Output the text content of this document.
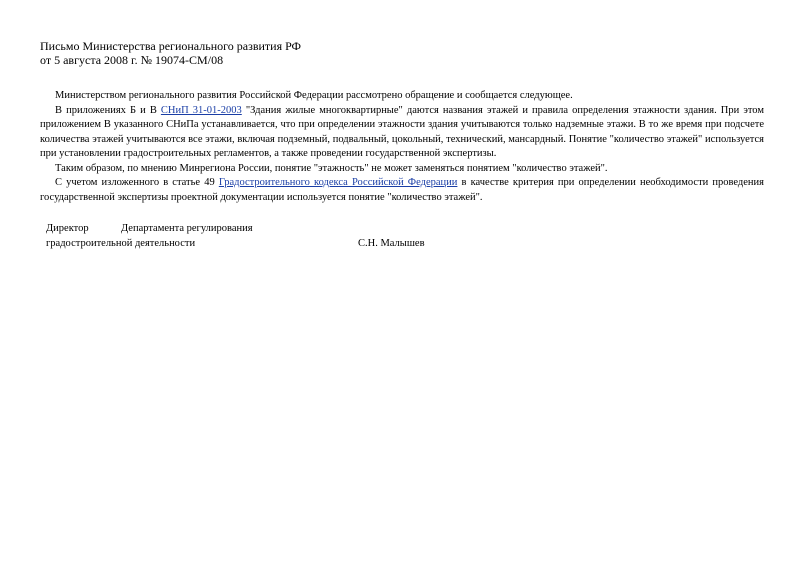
Письмо Министерства регионального развития РФ
от 5 августа 2008 г. № 19074-СМ/08

Министерством регионального развития Российской Федерации рассмотрено обращение и сообщается следующее.

В приложениях Б и В СНиП 31-01-2003 "Здания жилые многоквартирные" даются названия этажей и правила определения этажности здания. При этом приложением В указанного СНиПа устанавливается, что при определении этажности здания учитываются только надземные этажи. В то же время при подсчете количества этажей учитываются все этажи, включая подземный, подвальный, цокольный, технический, мансардный. Понятие "количество этажей" используется при установлении градостроительных регламентов, а также проведении государственной экспертизы.

Таким образом, по мнению Минрегиона России, понятие "этажность" не может заменяться понятием "количество этажей".

С учетом изложенного в статье 49 Градостроительного кодекса Российской Федерации в качестве критерия при определении необходимости проведения государственной экспертизы проектной документации используется понятие "количество этажей".

Директор	Департамента регулирования
градостроительной деятельности	С.Н. Малышев
